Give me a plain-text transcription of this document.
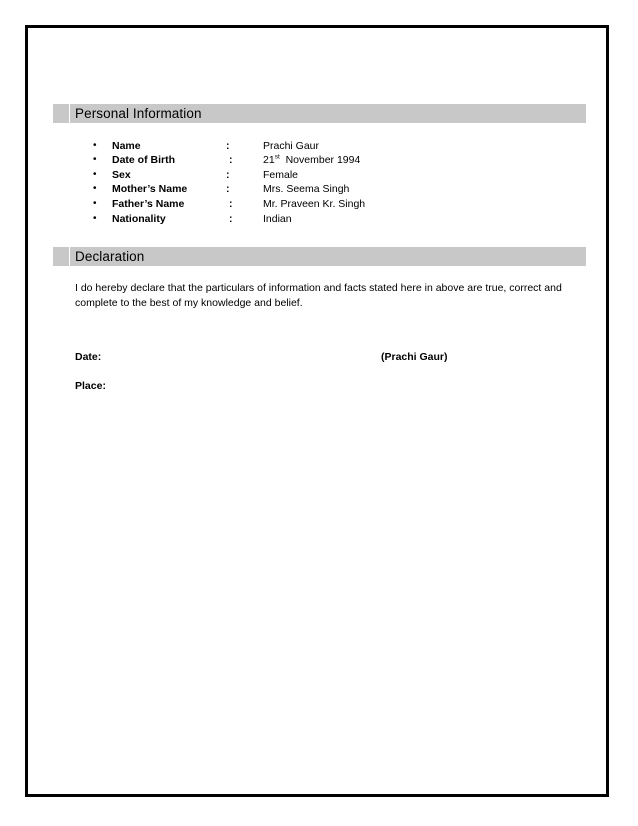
Personal Information
• Name	:	Prachi Gaur
• Date of Birth	:	21st November 1994
• Sex	:	Female
• Mother’s Name	:	Mrs. Seema Singh
• Father’s Name	:	Mr. Praveen Kr. Singh
• Nationality	:	Indian
Declaration
I do hereby declare that the particulars of information and facts stated here in above are true, correct and complete to the best of my knowledge and belief.
Date:	(Prachi Gaur)
Place:
